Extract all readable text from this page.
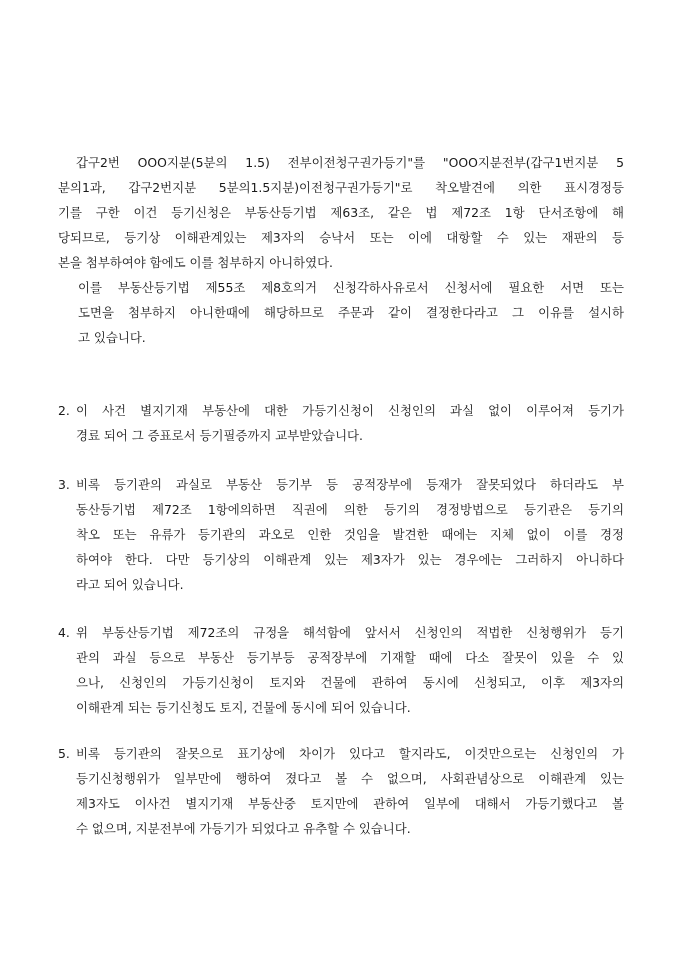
갑구2번 OOO지분(5분의 1.5) 전부이전청구권가등기"를 "OOO지분전부(갑구1번지분 5
분의1과, 갑구2번지분 5분의1.5지분)이전청구권가등기"로 착오발견에 의한 표시경정등
기를 구한 이건 등기신청은 부동산등기법 제63조, 같은 법 제72조 1항 단서조항에 해
당되므로, 등기상 이해관계있는 제3자의 승낙서 또는 이에 대항할 수 있는 재판의 등
본을 첨부하여야 함에도 이를 첨부하지 아니하였다.
이를 부동산등기법 제55조 제8호의거 신청각하사유로서 신청서에 필요한 서면 또는
도면을 첨부하지 아니한때에 해당하므로 주문과 같이 결정한다라고 그 이유를 설시하
고 있습니다.
2. 이 사건 별지기재 부동산에 대한 가등기신청이 신청인의 과실 없이 이루어져 등기가
경료 되어 그 증표로서 등기필증까지 교부받았습니다.
3. 비록 등기관의 과실로 부동산 등기부 등 공적장부에 등재가 잘못되었다 하더라도 부
동산등기법 제72조 1항에의하면 직권에 의한 등기의 경정방법으로 등기관은 등기의
착오 또는 유류가 등기관의 과오로 인한 것임을 발견한 때에는 지체 없이 이를 경정
하여야 한다. 다만 등기상의 이해관계 있는 제3자가 있는 경우에는 그러하지 아니하다
라고 되어 있습니다.
4. 위 부동산등기법 제72조의 규정을 해석함에 앞서서 신청인의 적법한 신청행위가 등기
관의 과실 등으로 부동산 등기부등 공적장부에 기재할 때에 다소 잘못이 있을 수 있
으나, 신청인의 가등기신청이 토지와 건물에 관하여 동시에 신청되고, 이후 제3자의
이해관계 되는 등기신청도 토지, 건물에 동시에 되어 있습니다.
5. 비록 등기관의 잘못으로 표기상에 차이가 있다고 할지라도, 이것만으로는 신청인의 가
등기신청행위가 일부만에 행하여 졌다고 볼 수 없으며, 사회관념상으로 이해관계 있는
제3자도 이사건 별지기재 부동산중 토지만에 관하여 일부에 대해서 가등기했다고 볼
수 없으며, 지분전부에 가등기가 되었다고 유추할 수 있습니다.
